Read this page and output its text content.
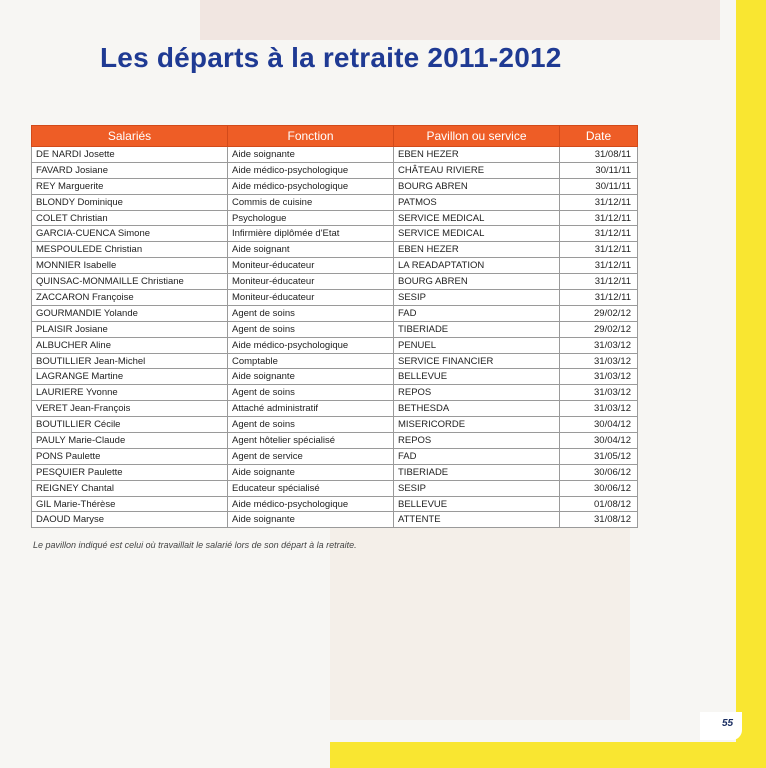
55
Les départs à la retraite 2011-2012
Salariés	Fonction	Pavillon ou service	Date
DE NARDI Josette	Aide soignante	EBEN HEZER	31/08/11
FAVARD Josiane	Aide médico-psychologique	CHÂTEAU RIVIERE	30/11/11
REY Marguerite	Aide médico-psychologique	BOURG ABREN	30/11/11
BLONDY Dominique	Commis de cuisine	PATMOS	31/12/11
COLET Christian	Psychologue	SERVICE MEDICAL	31/12/11
GARCIA-CUENCA Simone	Infirmière diplômée d'Etat	SERVICE MEDICAL	31/12/11
MESPOULEDE Christian	Aide soignant	EBEN HEZER	31/12/11
MONNIER Isabelle	Moniteur-éducateur	LA READAPTATION	31/12/11
QUINSAC-MONMAILLE Christiane	Moniteur-éducateur	BOURG ABREN	31/12/11
ZACCARON Françoise	Moniteur-éducateur	SESIP	31/12/11
GOURMANDIE Yolande	Agent de soins	FAD	29/02/12
PLAISIR Josiane	Agent de soins	TIBERIADE	29/02/12
ALBUCHER Aline	Aide médico-psychologique	PENUEL	31/03/12
BOUTILLIER Jean-Michel	Comptable	SERVICE FINANCIER	31/03/12
LAGRANGE Martine	Aide soignante	BELLEVUE	31/03/12
LAURIERE Yvonne	Agent de soins	REPOS	31/03/12
VERET Jean-François	Attaché administratif	BETHESDA	31/03/12
BOUTILLIER Cécile	Agent de soins	MISERICORDE	30/04/12
PAULY Marie-Claude	Agent hôtelier spécialisé	REPOS	30/04/12
PONS Paulette	Agent de service	FAD	31/05/12
PESQUIER Paulette	Aide soignante	TIBERIADE	30/06/12
REIGNEY Chantal	Educateur spécialisé	SESIP	30/06/12
GIL Marie-Thérèse	Aide médico-psychologique	BELLEVUE	01/08/12
DAOUD Maryse	Aide soignante	ATTENTE	31/08/12
Le pavillon indiqué est celui où travaillait le salarié lors de son départ à la retraite.
